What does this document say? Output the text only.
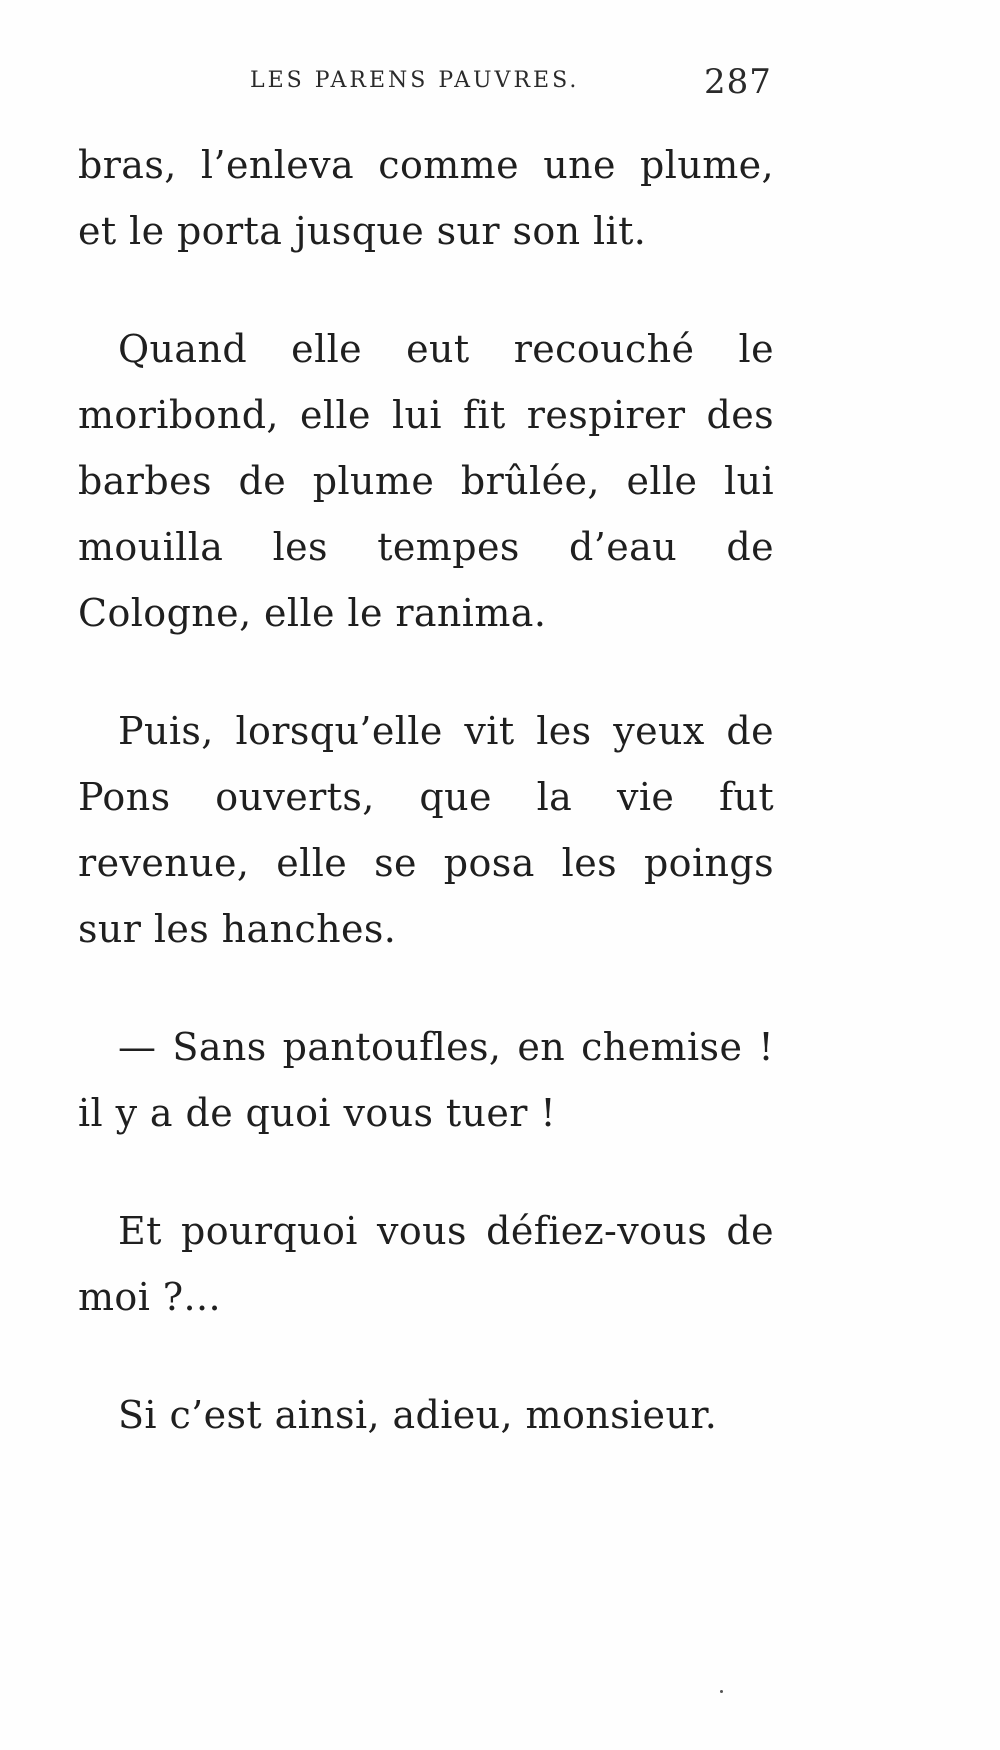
LES PARENS PAUVRES.	287

bras, l’enleva comme une plume, et le porta jusque sur son lit.

Quand elle eut recouché le moribond, elle lui fit respirer des barbes de plume brûlée, elle lui mouilla les tempes d’eau de Cologne, elle le ranima.

Puis, lorsqu’elle vit les yeux de Pons ouverts, que la vie fut revenue, elle se posa les poings sur les hanches.

— Sans pantoufles, en chemise ! il y a de quoi vous tuer !

Et pourquoi vous défiez-vous de moi ?...

Si c’est ainsi, adieu, monsieur.
